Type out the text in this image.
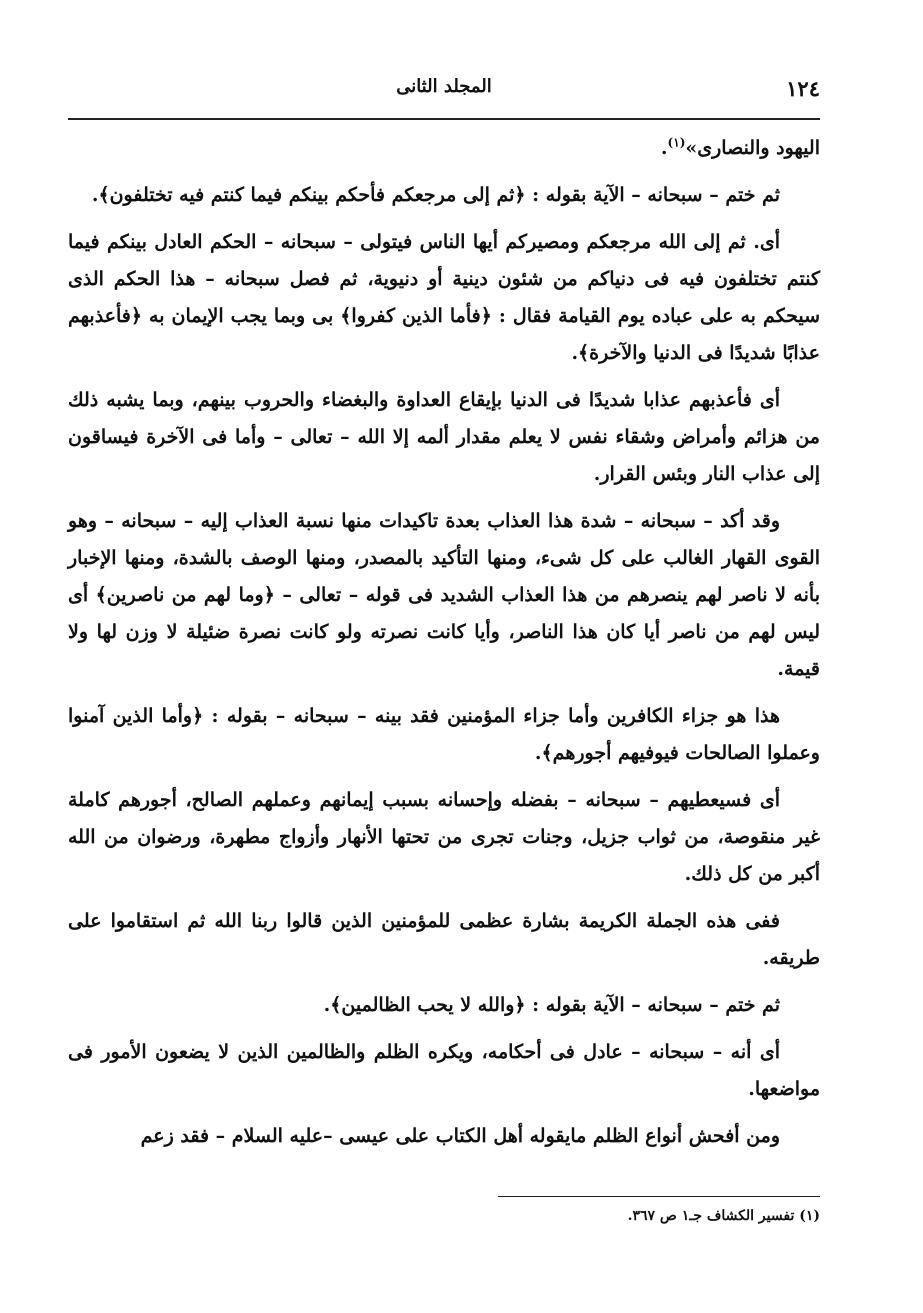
١٢٤
المجلد الثانى

اليهود والنصارى»$^{(١)}$.

ثم ختم – سبحانه – الآية بقوله : ﴿ثم إلى مرجعكم فأحكم بينكم فيما كنتم فيه تختلفون﴾.

أى. ثم إلى الله مرجعكم ومصيركم أيها الناس فيتولى – سبحانه – الحكم العادل بينكم فيما كنتم تختلفون فيه فى دنياكم من شئون دينية أو دنيوية، ثم فصل سبحانه – هذا الحكم الذى سيحكم به على عباده يوم القيامة فقال : ﴿فأما الذين كفروا﴾ بى وبما يجب الإيمان به ﴿فأعذبهم عذابًا شديدًا فى الدنيا والآخرة﴾.

أى فأعذبهم عذابا شديدًا فى الدنيا بإيقاع العداوة والبغضاء والحروب بينهم، وبما يشبه ذلك من هزائم وأمراض وشقاء نفس لا يعلم مقدار ألمه إلا الله – تعالى – وأما فى الآخرة فيساقون إلى عذاب النار وبئس القرار.

وقد أكد – سبحانه – شدة هذا العذاب بعدة تاكيدات منها نسبة العذاب إليه – سبحانه – وهو القوى القهار الغالب على كل شىء، ومنها التأكيد بالمصدر، ومنها الوصف بالشدة، ومنها الإخبار بأنه لا ناصر لهم ينصرهم من هذا العذاب الشديد فى قوله – تعالى – ﴿وما لهم من ناصرين﴾ أى ليس لهم من ناصر أيا كان هذا الناصر، وأيا كانت نصرته ولو كانت نصرة ضئيلة لا وزن لها ولا قيمة.

هذا هو جزاء الكافرين وأما جزاء المؤمنين فقد بينه – سبحانه – بقوله : ﴿وأما الذين آمنوا وعملوا الصالحات فيوفيهم أجورهم﴾.

أى فسيعطيهم – سبحانه – بفضله وإحسانه بسبب إيمانهم وعملهم الصالح، أجورهم كاملة غير منقوصة، من ثواب جزيل، وجنات تجرى من تحتها الأنهار وأزواج مطهرة، ورضوان من الله أكبر من كل ذلك.

ففى هذه الجملة الكريمة بشارة عظمى للمؤمنين الذين قالوا ربنا الله ثم استقاموا على طريقه.

ثم ختم – سبحانه – الآية بقوله : ﴿والله لا يحب الظالمين﴾.

أى أنه – سبحانه – عادل فى أحكامه، ويكره الظلم والظالمين الذين لا يضعون الأمور فى مواضعها.

ومن أفحش أنواع الظلم مايقوله أهل الكتاب على عيسى –عليه السلام – فقد زعم

(١) تفسير الكشاف جـ١ ص ٣٦٧.
